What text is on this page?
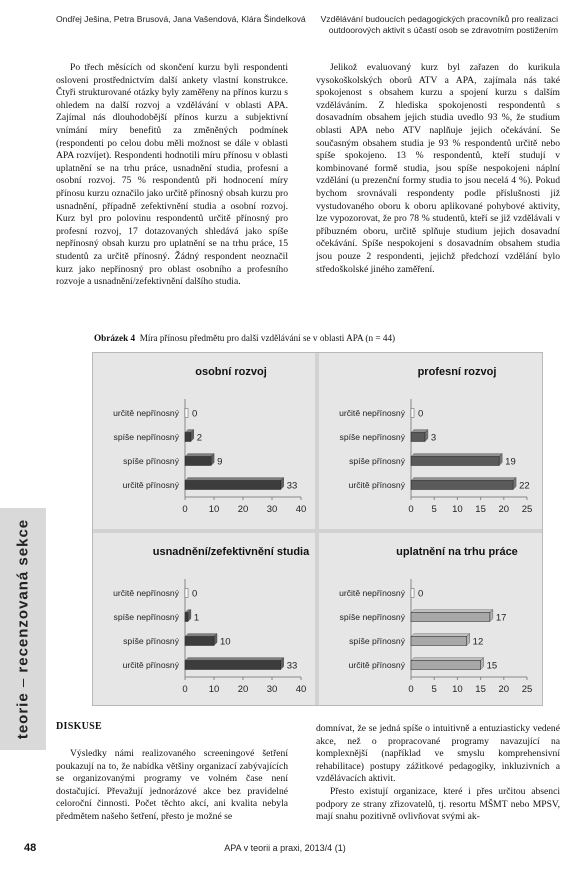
Ondřej Ješina, Petra Brusová, Jana Vašendová, Klára Šindelková	Vzdělávání budoucích pedagogických pracovníků pro realizaci
outdoorových aktivit s účastí osob se zdravotním postižením

Po třech měsících od skončení kurzu byli respondenti osloveni prostřednictvím další ankety vlastní konstrukce. Čtyři strukturované otázky byly zaměřeny na přínos kurzu s ohledem na další rozvoj a vzdělávání v oblasti APA. Zajímal nás dlouhodobější přínos kurzu a subjektivní vnímání míry benefitů za změněných podmínek (respondenti po celou dobu měli možnost se dále v oblasti APA rozvíjet). Respondenti hodnotili míru přínosu v oblasti uplatnění se na trhu práce, usnadnění studia, profesní a osobní rozvoj. 75 % respondentů při hodnocení míry přínosu kurzu označilo jako určitě přínosný obsah kurzu pro usnadnění, případně zefektivnění studia a osobní rozvoj. Kurz byl pro polovinu respondentů určitě přínosný pro profesní rozvoj, 17 dotazovaných shledává jako spíše nepřínosný obsah kurzu pro uplatnění se na trhu práce, 15 studentů za určitě přínosný. Žádný respondent neoznačil kurz jako nepřínosný pro oblast osobního a profesního rozvoje a usnadnění/zefektivnění dalšího studia.

Jelikož evaluovaný kurz byl zařazen do kurikula vysokoškolských oborů ATV a APA, zajímala nás také spokojenost s obsahem kurzu a spojení kurzu s dalším vzděláváním. Z hlediska spokojenosti respondentů s dosavadním obsahem jejich studia uvedlo 93 %, že studium oblasti APA nebo ATV naplňuje jejich očekávání. Se současným obsahem studia je 93 % respondentů určitě nebo spíše spokojeno. 13 % respondentů, kteří studují v kombinované formě studia, jsou spíše nespokojeni náplní vzdělání (u prezenční formy studia to jsou necelá 4 %). Pokud bychom srovnávali respondenty podle příslušnosti již vystudovaného oboru k oboru aplikované pohybové aktivity, lze vypozorovat, že pro 78 % studentů, kteří se již vzdělávali v příbuzném oboru, určitě splňuje studium jejich dosavadní očekávání. Spíše nespokojeni s dosavadním obsahem studia jsou pouze 2 respondenti, jejichž předchozí vzdělání bylo středoškolské jiného zaměření.

Obrázek 4 Míra přínosu předmětu pro další vzdělávání se v oblasti APA (n = 44)
osobní rozvoj
0 10 20 30 40
určitě nepřínosný 0
spíše nepřínosný 2
spíše přínosný	9
určitě přínosný	33
profesní rozvoj
0 5 10 15 20 25
určitě nepřínosný 0
spíše nepřínosný	3
spíše přínosný	19
určitě přínosný	22
usnadnění/zefektivnění studia
0 10 20 30 40
určitě nepřínosný 0
spíše nepřínosný 1
spíše přínosný	10
určitě přínosný	33
uplatnění na trhu práce
0 5 10 15 20 25
určitě nepřínosný 0
spíše nepřínosný	17
spíše přínosný	12
určitě přínosný	15
teorie – recenzovaná sekce
DISKUSE

Výsledky námi realizovaného screeningové šetření poukazují na to, že nabídka většiny organizací zabývajících se organizovanými programy ve volném čase není dostačující. Převažují jednorázové akce bez pravidelné celoroční činnosti. Počet těchto akcí, ani kvalita nebyla předmětem našeho šetření, přesto je možné se

domnívat, že se jedná spíše o intuitivně a entuziasticky vedené akce, než o propracované programy navazující na komplexnější (například ve smyslu komprehensivní rehabilitace) postupy zážitkové pedagogiky, inkluzivních a vzdělávacích aktivit.

Přesto existují organizace, které i přes určitou absenci podpory ze strany zřizovatelů, tj. resortu MŠMT nebo MPSV, mají snahu pozitivně ovlivňovat svými ak-

48	APA v teorii a praxi, 2013/4 (1)
